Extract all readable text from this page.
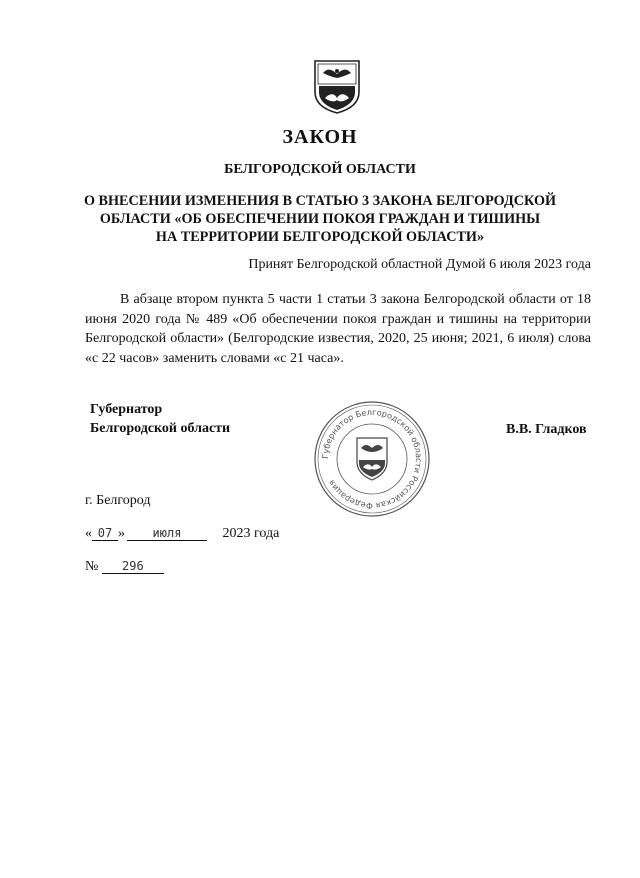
ЗАКОН
БЕЛГОРОДСКОЙ ОБЛАСТИ
О ВНЕСЕНИИ ИЗМЕНЕНИЯ В СТАТЬЮ 3 ЗАКОНА БЕЛГОРОДСКОЙ
ОБЛАСТИ «ОБ ОБЕСПЕЧЕНИИ ПОКОЯ ГРАЖДАН И ТИШИНЫ
НА ТЕРРИТОРИИ БЕЛГОРОДСКОЙ ОБЛАСТИ»
Принят Белгородской областной Думой 6 июля 2023 года
В абзаце втором пункта 5 части 1 статьи 3 закона Белгородской области от 18 июня 2020 года № 489 «Об обеспечении покоя граждан и тишины на территории Белгородской области» (Белгородские известия, 2020, 25 июня; 2021, 6 июля) слова «с 22 часов» заменить словами «с 21 часа».
Губернатор
Белгородской области
Губернатор Белгородской области Российская Федерация
В.В. Гладков
г. Белгород
« 07 » июля	2023 года
№ 296
